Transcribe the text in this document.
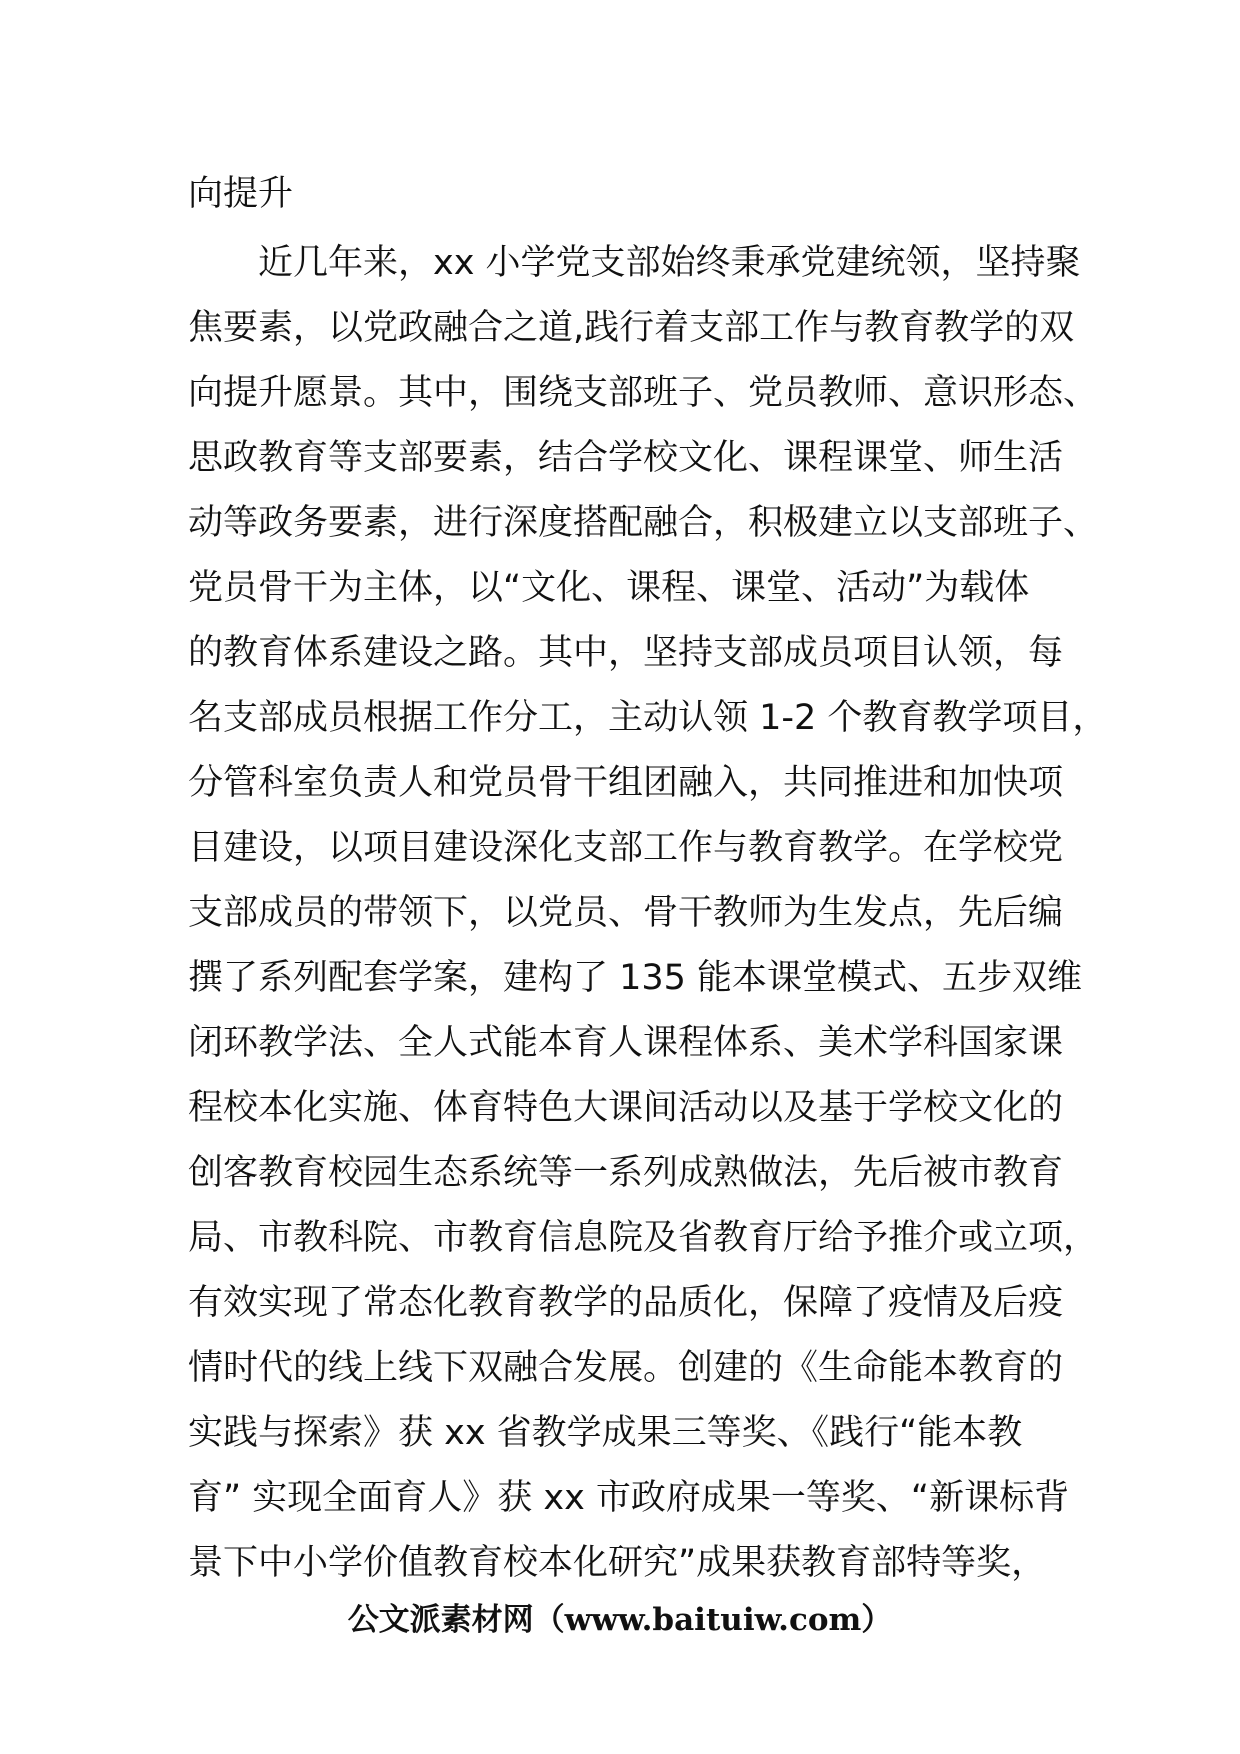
向提升
近几年来，xx 小学党支部始终秉承党建统领，坚持聚
焦要素，以党政融合之道,践行着支部工作与教育教学的双
向提升愿景。其中，围绕支部班子、党员教师、意识形态、
思政教育等支部要素，结合学校文化、课程课堂、师生活
动等政务要素，进行深度搭配融合，积极建立以支部班子、
党员骨干为主体，以“文化、课程、课堂、活动”为载体
的教育体系建设之路。其中，坚持支部成员项目认领，每
名支部成员根据工作分工，主动认领 1-2 个教育教学项目，
分管科室负责人和党员骨干组团融入，共同推进和加快项
目建设，以项目建设深化支部工作与教育教学。在学校党
支部成员的带领下，以党员、骨干教师为生发点，先后编
撰了系列配套学案，建构了 135 能本课堂模式、五步双维
闭环教学法、全人式能本育人课程体系、美术学科国家课
程校本化实施、体育特色大课间活动以及基于学校文化的
创客教育校园生态系统等一系列成熟做法，先后被市教育
局、市教科院、市教育信息院及省教育厅给予推介或立项，
有效实现了常态化教育教学的品质化，保障了疫情及后疫
情时代的线上线下双融合发展。创建的《生命能本教育的
实践与探索》获 xx 省教学成果三等奖、《践行“能本教
育” 实现全面育人》获 xx 市政府成果一等奖、“新课标背
景下中小学价值教育校本化研究”成果获教育部特等奖，
公文派素材网（www.baituiw.com）
